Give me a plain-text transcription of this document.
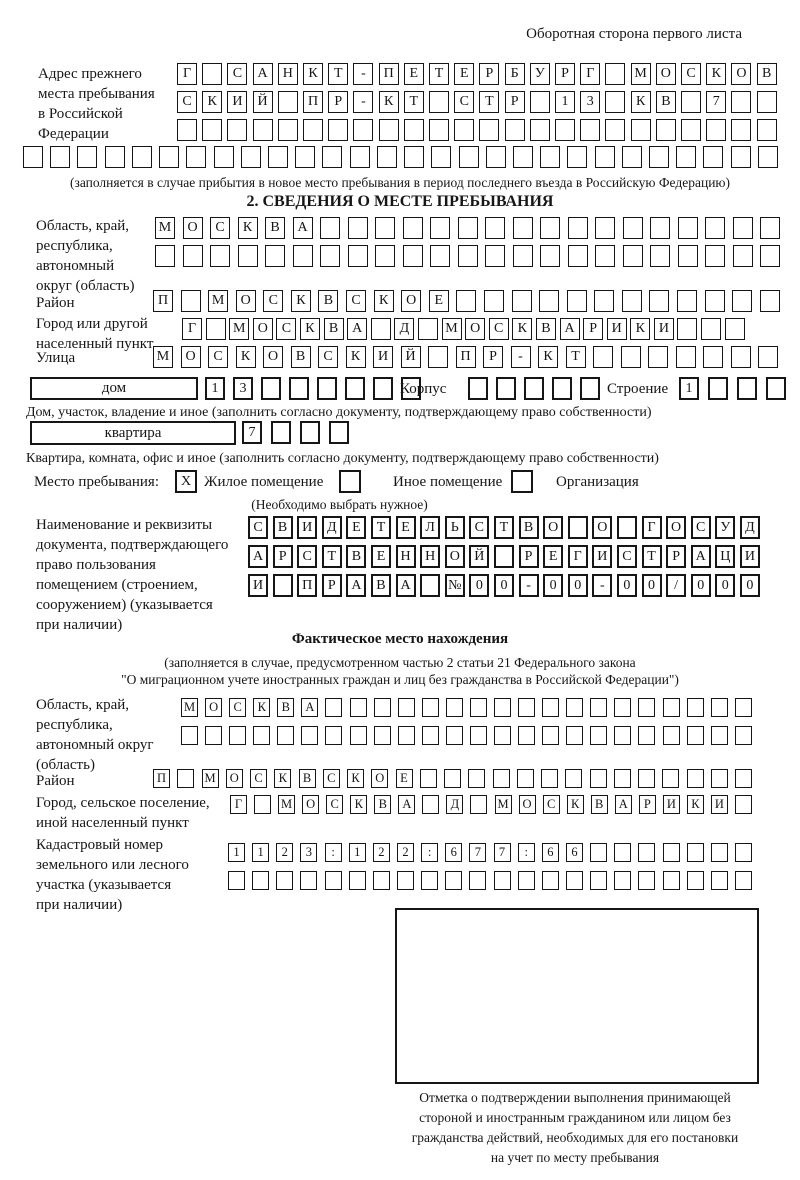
Оборотная сторона первого листа
Адрес прежнего
места пребывания
в Российской
Федерации
Г	С	А	Н	К	Т	-	П	Е	Т	Е	Р	Б	У	Р	Г	М О	С	К	О	В
С	К	И	Й	П	Р	-	К	Т	С	Т	Р	1	3	К	В	7
(заполняется в случае прибытия в новое место пребывания в период последнего въезда в Российскую Федерацию)
2. СВЕДЕНИЯ О МЕСТЕ ПРЕБЫВАНИЯ
Область, край,
республика,
автономный
округ (область)
М	О	С	К	В	А
Район	П	М	О	С	К	В	С	К	О	Е
Город или другой
населенный пункт
Г	М О С	К	В А	Д	М О С	К	В А	Р	И К И
Улица	М	О	С	К	О	В	С	К	И	Й	П	Р	-	К	Т
дом	1	3	Корпус	Строение	1
Дом, участок, владение и иное (заполнить согласно документу, подтверждающему право собственности)
квартира	7
Квартира, комната, офис и иное (заполнить согласно документу, подтверждающему право собственности)
Место пребывания:	X Жилое помещение	Иное помещение	Организация
(Необходимо выбрать нужное)
Наименование и реквизиты
документа, подтверждающего
право пользования
помещением (строением,
сооружением) (указывается
при наличии)
С	В	И	Д	Е	Т	Е	Л	Ь	С	Т	В	О	О	Г	О	С	У	Д
А	Р	С	Т	В	Е	Н	Н	О	Й	Р	Е	Г	И	С	Т	Р	А	Ц	И
И	П	Р	А	В	А	№	0	0	-	0	0	-	0	0	/	0	0	0
Фактическое место нахождения
(заполняется в случае, предусмотренном частью 2 статьи 21 Федерального закона
"О миграционном учете иностранных граждан и лиц без гражданства в Российской Федерации")
Область, край,
республика,
автономный округ
(область)
М	О	С	К	В	А
Район	П	М	О	С	К	В	С	К	О	Е
Город, сельское поселение,
иной населенный пункт
Г	М	О	С	К	В	А	Д	М	О	С	К	В	А	Р	И	К	И
Кадастровый номер
земельного или лесного
участка (указывается
при наличии)
1	1	2	3	:	1	2	2	:	6	7	7	:	6	6
Отметка о подтверждении выполнения принимающей
стороной и иностранным гражданином или лицом без
гражданства действий, необходимых для его постановки
на учет по месту пребывания
